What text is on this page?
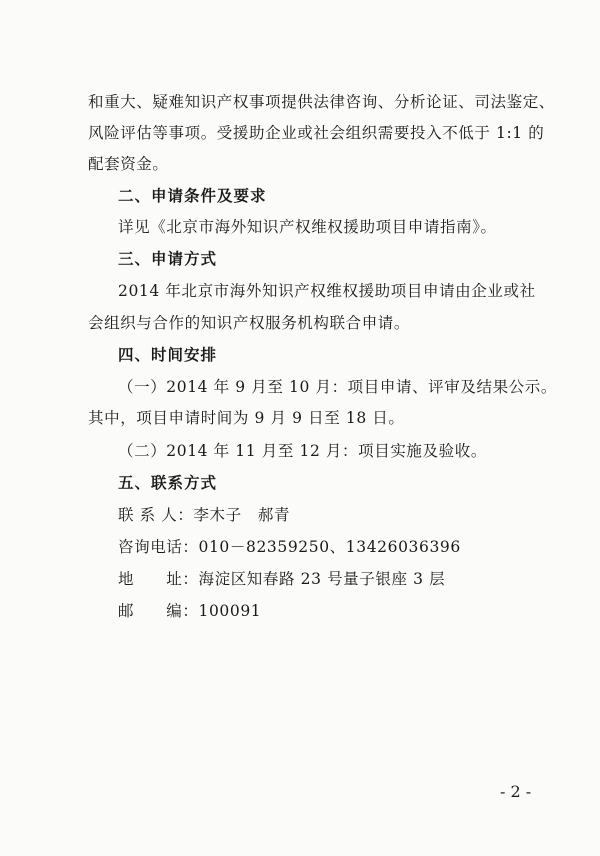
和重大、疑难知识产权事项提供法律咨询、分析论证、司法鉴定、
风险评估等事项。受援助企业或社会组织需要投入不低于 1:1 的
配套资金。
二、申请条件及要求
详见《北京市海外知识产权维权援助项目申请指南》。
三、申请方式
2014 年北京市海外知识产权维权援助项目申请由企业或社
会组织与合作的知识产权服务机构联合申请。
四、时间安排
（一）2014 年 9 月至 10 月：项目申请、评审及结果公示。
其中，项目申请时间为 9 月 9 日至 18 日。
（二）2014 年 11 月至 12 月：项目实施及验收。
五、联系方式
联 系 人：李木子　郝青
咨询电话：010－82359250、13426036396
地　　址：海淀区知春路 23 号量子银座 3 层
邮　　编：100091
- 2 -
